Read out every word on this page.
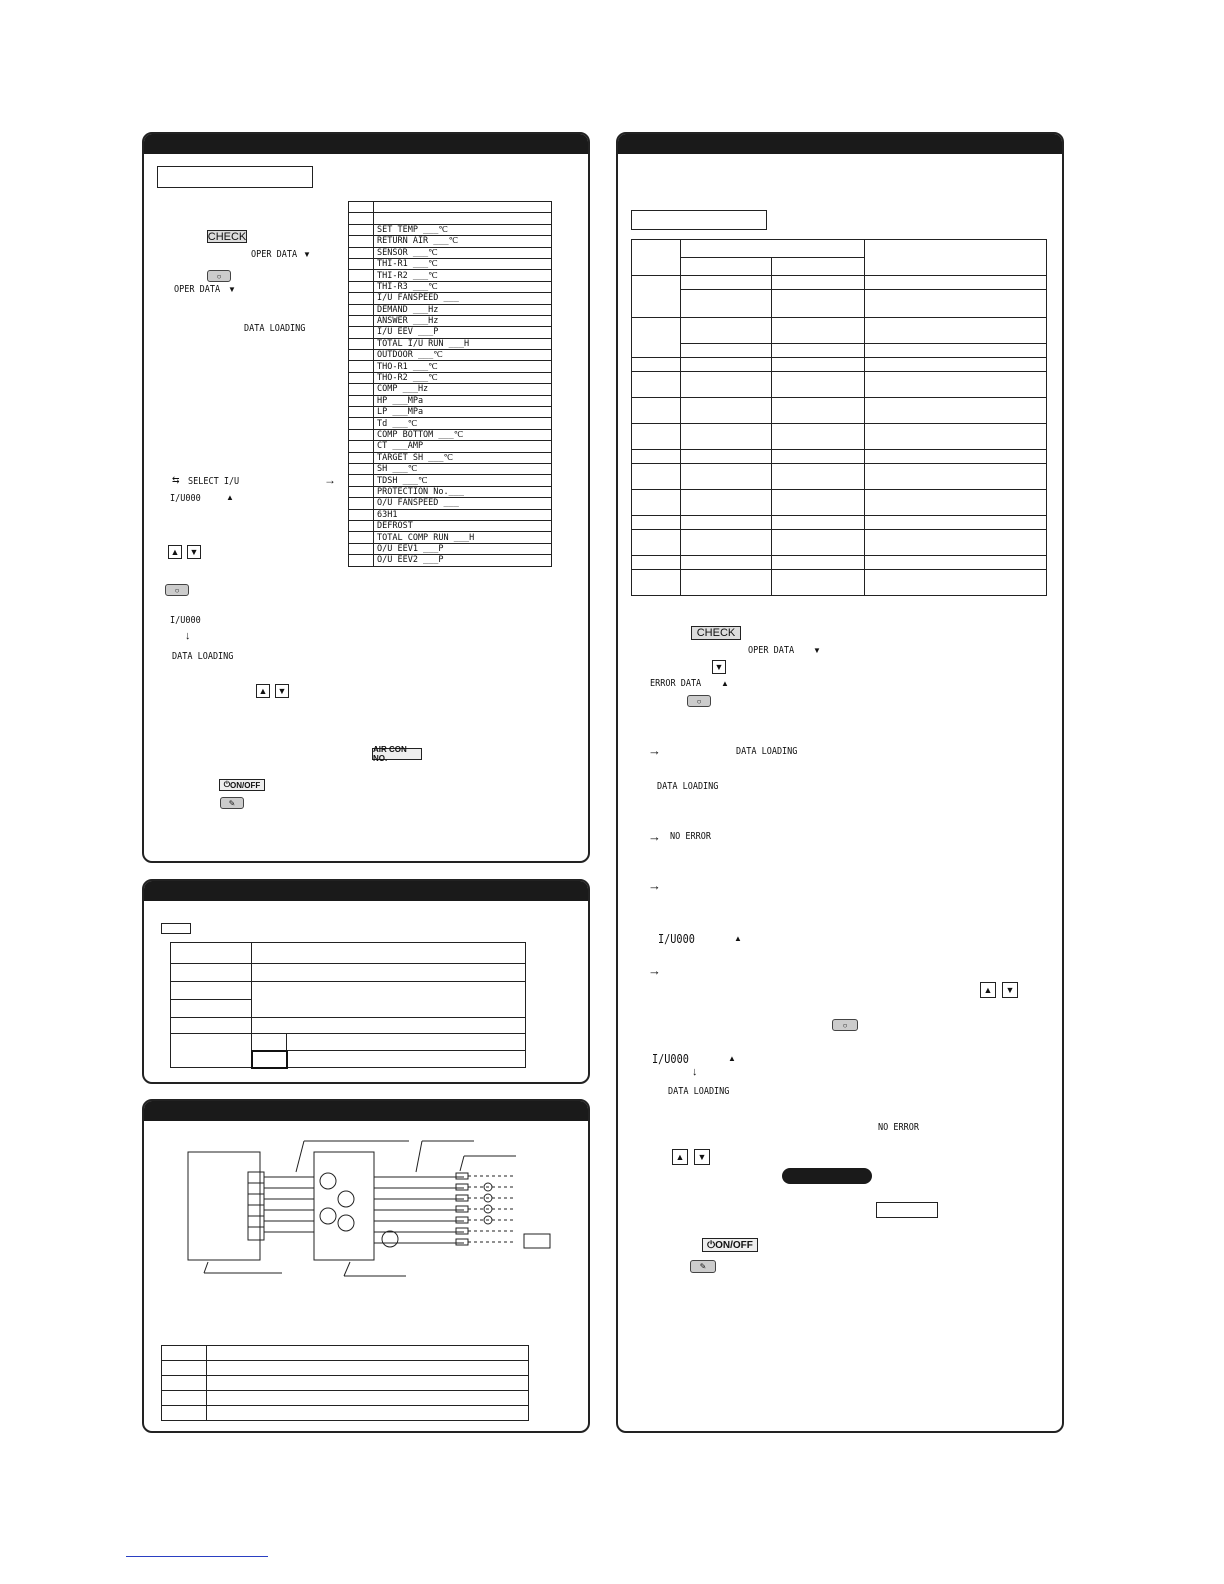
CHECK
OPER DATA ▼
○
OPER DATA ▼
DATA LOADING
SELECT I/U
⇆	→
I/U000	▲
▲ ▼
○
I/U000
↓
DATA LOADING
▲ ▼
AIR CON NO.
⏻ ON/OFF
✎

	SET TEMP ___℃
	RETURN AIR ___℃
	SENSOR ___℃
	THI-R1 ___℃
	THI-R2 ___℃
	THI-R3 ___℃
	I/U FANSPEED ___
	DEMAND ___Hz
	ANSWER ___Hz
	I/U EEV ___P
	TOTAL I/U RUN ___H
	OUTDOOR ___℃
	THO-R1 ___℃
	THO-R2 ___℃
	COMP ___Hz
	HP ___MPa
	LP ___MPa
	Td ___℃
	COMP BOTTOM ___℃
	CT ___AMP
	TARGET SH ___℃
	SH ___℃
	TDSH ___℃
	PROTECTION No.___
	O/U FANSPEED ___
	63H1
	DEFROST
	TOTAL COMP RUN ___H
	O/U EEV1 ___P
	O/U EEV2 ___P

CHECK
OPER DATA ▼
▼
ERROR DATA ▲
○
→	DATA LOADING
DATA LOADING
→ NO ERROR
→
I/U000	▲
→
▲	▼
○
I/U000	▲
↓
DATA LOADING
NO ERROR
▲	▼
⏻ ON/OFF
✎
